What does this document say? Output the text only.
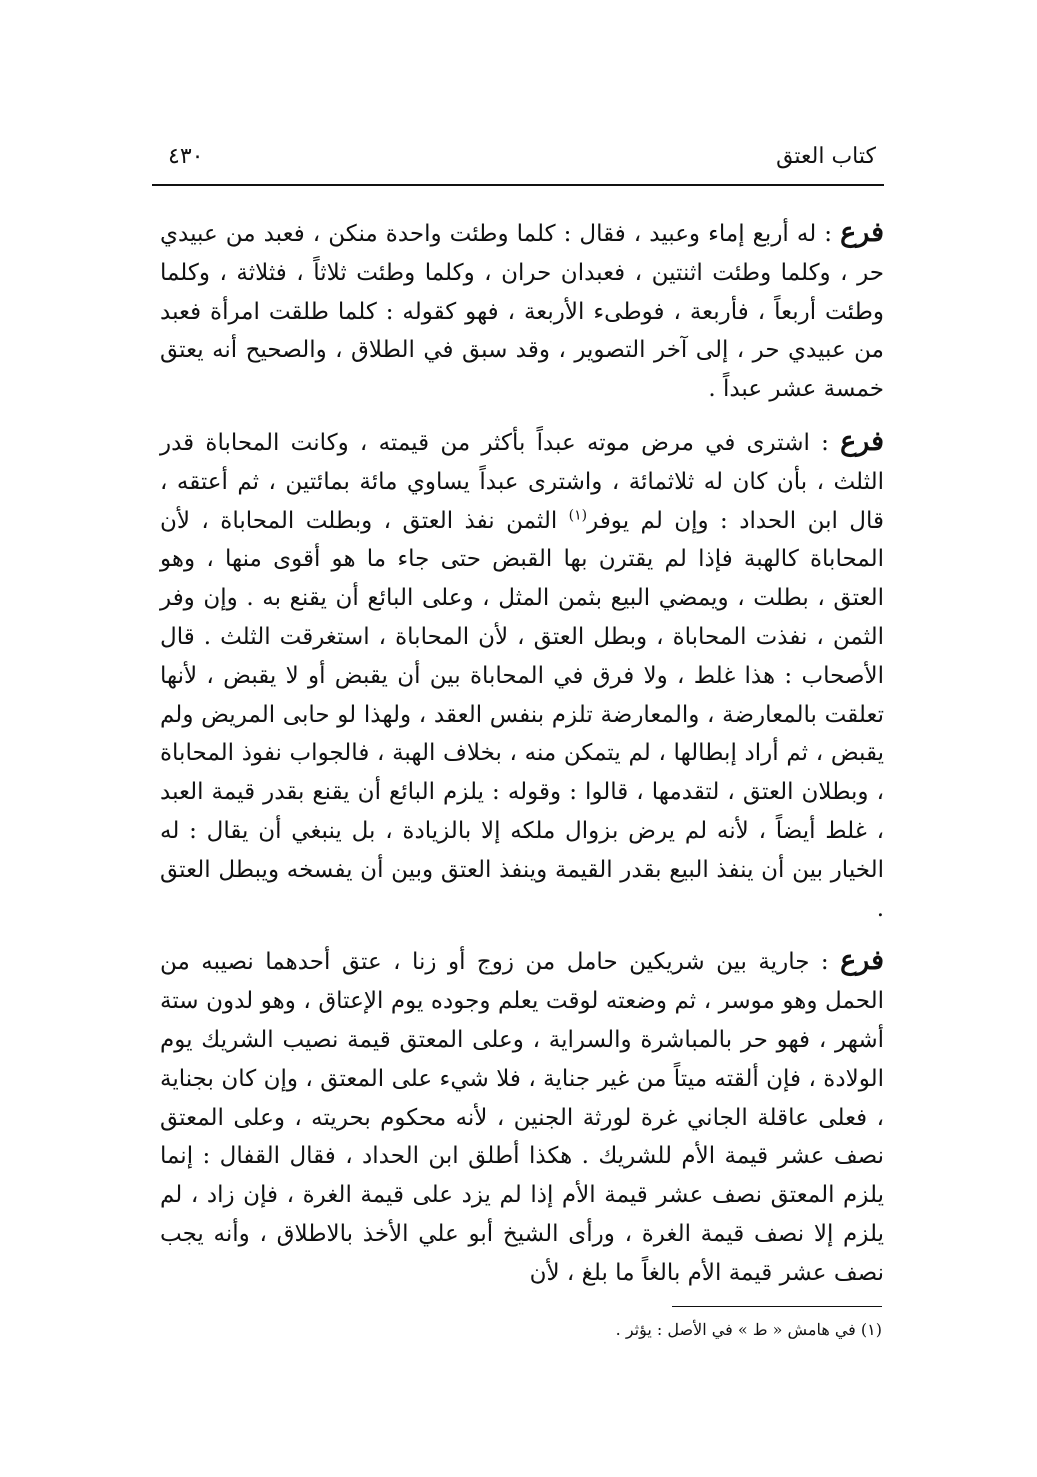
كتاب العتق
٤٣٠

فرع : له أربع إماء وعبيد ، فقال : كلما وطئت واحدة منكن ، فعبد من عبيدي حر ، وكلما وطئت اثنتين ، فعبدان حران ، وكلما وطئت ثلاثاً ، فثلاثة ، وكلما وطئت أربعاً ، فأربعة ، فوطىء الأربعة ، فهو كقوله : كلما طلقت امرأة فعبد من عبيدي حر ، إلى آخر التصوير ، وقد سبق في الطلاق ، والصحيح أنه يعتق خمسة عشر عبداً .

فرع : اشترى في مرض موته عبداً بأكثر من قيمته ، وكانت المحاباة قدر الثلث ، بأن كان له ثلاثمائة ، واشترى عبداً يساوي مائة بمائتين ، ثم أعتقه ، قال ابن الحداد : وإن لم يوفر$^{(١)}$ الثمن نفذ العتق ، وبطلت المحاباة ، لأن المحاباة كالهبة فإذا لم يقترن بها القبض حتى جاء ما هو أقوى منها ، وهو العتق ، بطلت ، ويمضي البيع بثمن المثل ، وعلى البائع أن يقنع به . وإن وفر الثمن ، نفذت المحاباة ، وبطل العتق ، لأن المحاباة ، استغرقت الثلث . قال الأصحاب : هذا غلط ، ولا فرق في المحاباة بين أن يقبض أو لا يقبض ، لأنها تعلقت بالمعارضة ، والمعارضة تلزم بنفس العقد ، ولهذا لو حابى المريض ولم يقبض ، ثم أراد إبطالها ، لم يتمكن منه ، بخلاف الهبة ، فالجواب نفوذ المحاباة ، وبطلان العتق ، لتقدمها ، قالوا : وقوله : يلزم البائع أن يقنع بقدر قيمة العبد ، غلط أيضاً ، لأنه لم يرض بزوال ملكه إلا بالزيادة ، بل ينبغي أن يقال : له الخيار بين أن ينفذ البيع بقدر القيمة وينفذ العتق وبين أن يفسخه ويبطل العتق .

فرع : جارية بين شريكين حامل من زوج أو زنا ، عتق أحدهما نصيبه من الحمل وهو موسر ، ثم وضعته لوقت يعلم وجوده يوم الإعتاق ، وهو لدون ستة أشهر ، فهو حر بالمباشرة والسراية ، وعلى المعتق قيمة نصيب الشريك يوم الولادة ، فإن ألقته ميتاً من غير جناية ، فلا شيء على المعتق ، وإن كان بجناية ، فعلى عاقلة الجاني غرة لورثة الجنين ، لأنه محكوم بحريته ، وعلى المعتق نصف عشر قيمة الأم للشريك . هكذا أطلق ابن الحداد ، فقال القفال : إنما يلزم المعتق نصف عشر قيمة الأم إذا لم يزد على قيمة الغرة ، فإن زاد ، لم يلزم إلا نصف قيمة الغرة ، ورأى الشيخ أبو علي الأخذ بالاطلاق ، وأنه يجب نصف عشر قيمة الأم بالغاً ما بلغ ، لأن

(١) في هامش « ط » في الأصل : يؤثر .
